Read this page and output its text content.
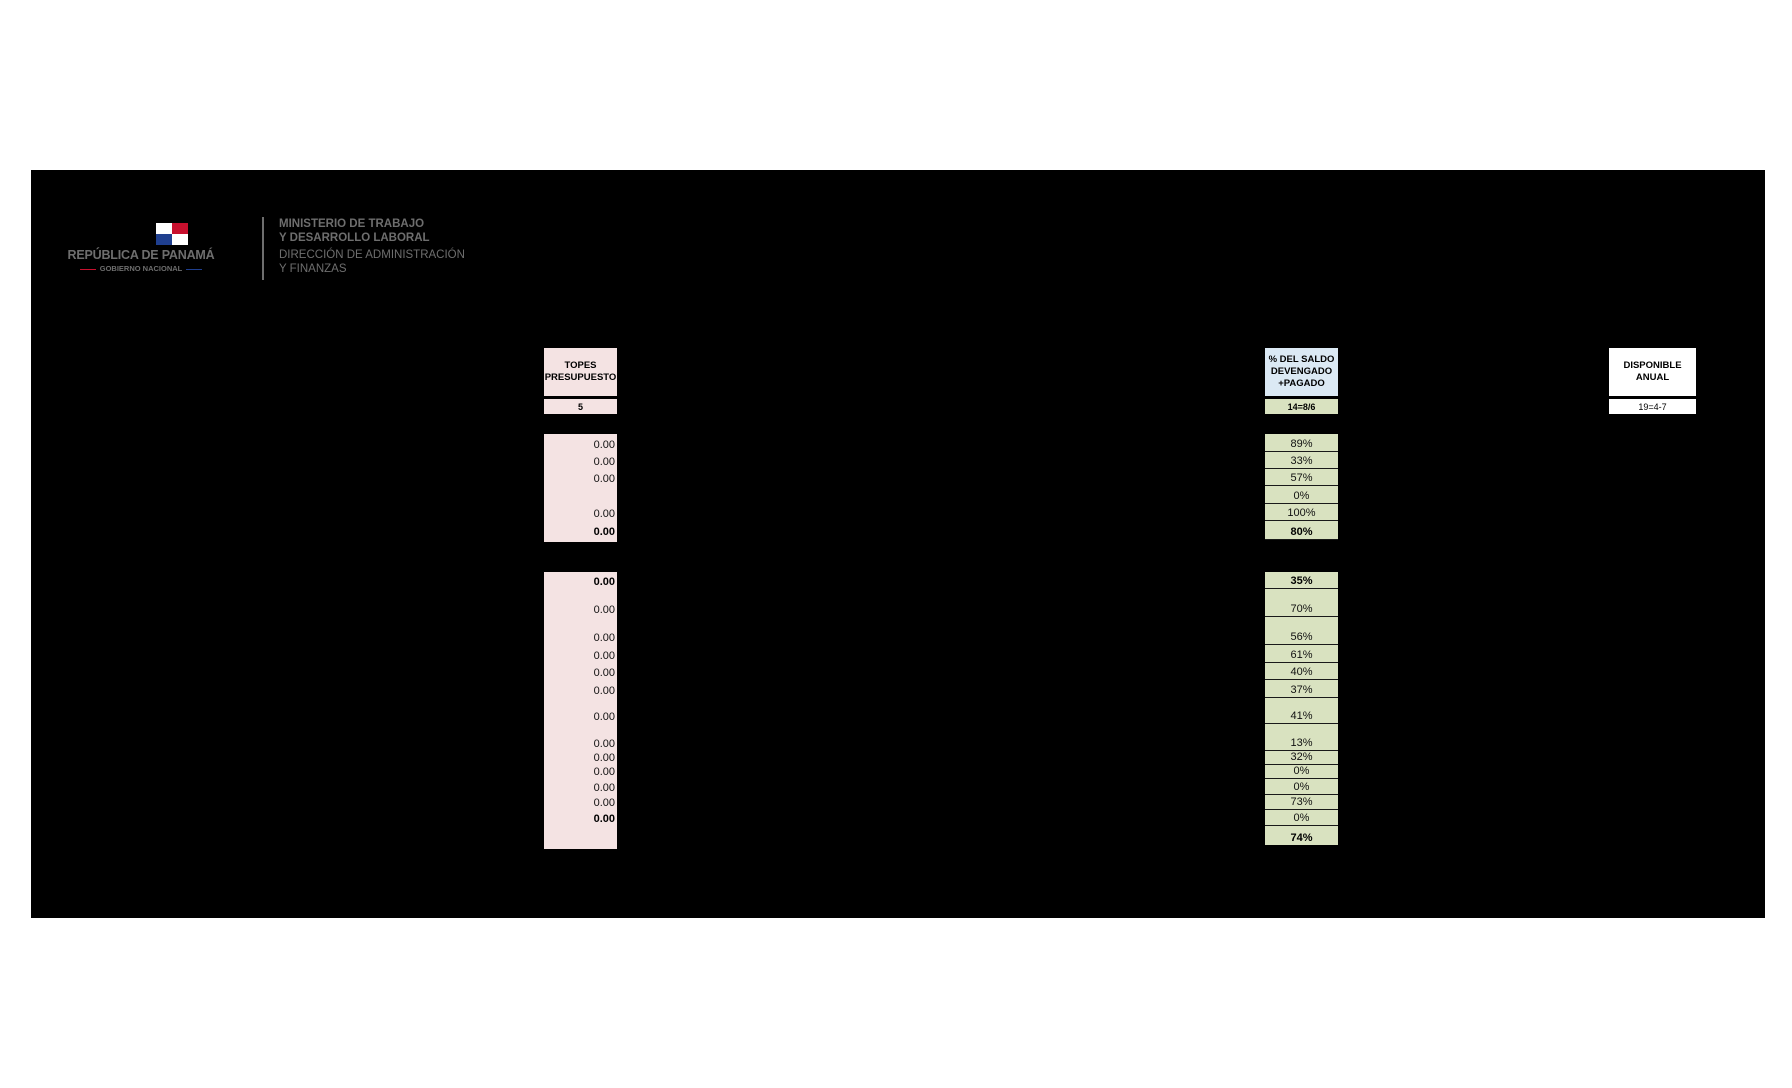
REPÚBLICA DE PANAMÁ
GOBIERNO NACIONAL
MINISTERIO DE TRABAJO
Y DESARROLLO LABORAL
DIRECCIÓN DE ADMINISTRACIÓN
Y FINANZAS
TOPES PRESUPUESTO
5
0.00
0.00
0.00
0.00
0.00
0.00
0.00
0.00
0.00
0.00
0.00
0.00
0.00
0.00
0.00
0.00
0.00
0.00
% DEL SALDO DEVENGADO +PAGADO
14=8/6
89%
33%
57%
0%
100%
80%
35%
70%
56%
61%
40%
37%
41%
13%
32%
0%
0%
73%
0%
74%
DISPONIBLE ANUAL
19=4-7
